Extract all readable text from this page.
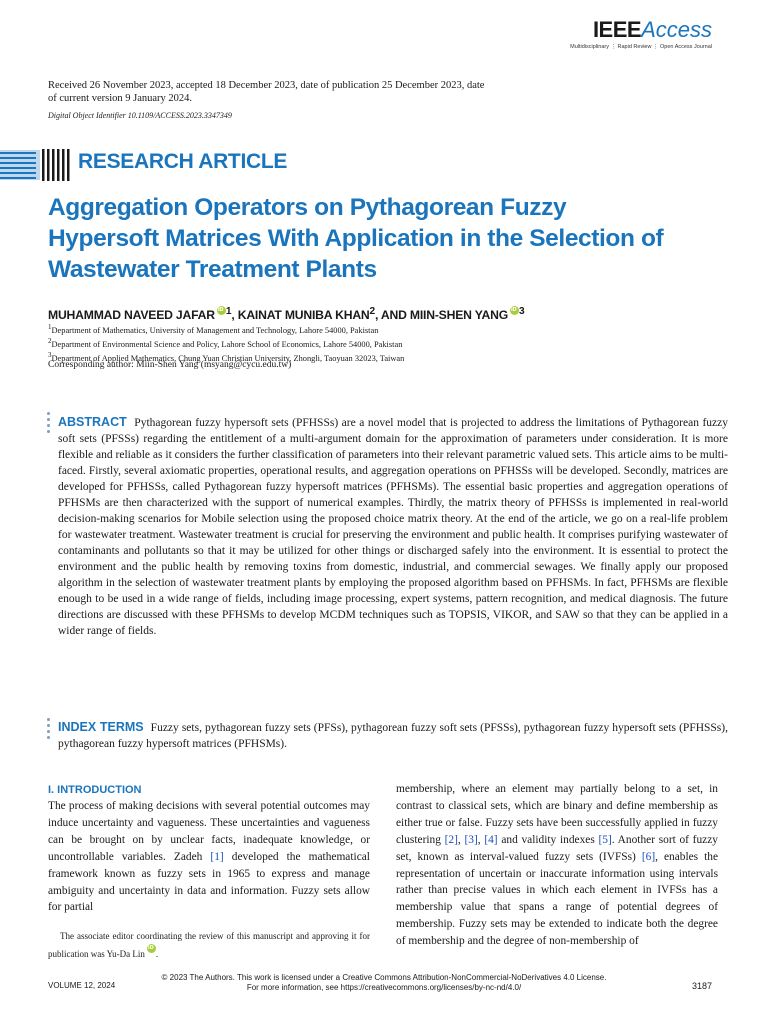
IEEEAccess
Multidisciplinary ⋮ Rapid Review ⋮ Open Access Journal
Received 26 November 2023, accepted 18 December 2023, date of publication 25 December 2023, date of current version 9 January 2024.
Digital Object Identifier 10.1109/ACCESS.2023.3347349
RESEARCH ARTICLE
Aggregation Operators on Pythagorean Fuzzy Hypersoft Matrices With Application in the Selection of Wastewater Treatment Plants
MUHAMMAD NAVEED JAFAR iD $^1$, KAINAT MUNIBA KHAN$^2$, AND MIIN-SHEN YANG iD $^3$
$^1$Department of Mathematics, University of Management and Technology, Lahore 54000, Pakistan
$^2$Department of Environmental Science and Policy, Lahore School of Economics, Lahore 54000, Pakistan
$^3$Department of Applied Mathematics, Chung Yuan Christian University, Zhongli, Taoyuan 32023, Taiwan
Corresponding author: Miin-Shen Yang (msyang@cycu.edu.tw)

ABSTRACT Pythagorean fuzzy hypersoft sets (PFHSSs) are a novel model that is projected to address the limitations of Pythagorean fuzzy soft sets (PFSSs) regarding the entitlement of a multi-argument domain for the approximation of parameters under consideration. It is more flexible and reliable as it considers the further classification of parameters into their relevant parametric valued sets. This article aims to be multi-faced. Firstly, several axiomatic properties, operational results, and aggregation operations on PFHSSs will be developed. Secondly, matrices are developed for PFHSSs, called Pythagorean fuzzy hypersoft matrices (PFHSMs). The essential basic properties and aggregation operations of PFHSMs are then characterized with the support of numerical examples. Thirdly, the matrix theory of PFHSSs is implemented in real-world decision-making scenarios for Mobile selection using the proposed choice matrix theory. At the end of the article, we go on a real-life problem for wastewater treatment. Wastewater treatment is crucial for preserving the environment and public health. It comprises purifying wastewater of contaminants and pollutants so that it may be utilized for other things or discharged safely into the environment. It is essential to protect the environment and the public health by removing toxins from domestic, industrial, and commercial sewages. We finally apply our proposed algorithm in the selection of wastewater treatment plants by employing the proposed algorithm based on PFHSMs. In fact, PFHSMs are flexible enough to be used in a wide range of fields, including image processing, expert systems, pattern recognition, and medical diagnosis. The future directions are discussed with these PFHSMs to develop MCDM techniques such as TOPSIS, VIKOR, and SAW so that they can be applied in a wider range of fields.

INDEX TERMS Fuzzy sets, pythagorean fuzzy sets (PFSs), pythagorean fuzzy soft sets (PFSSs), pythagorean fuzzy hypersoft sets (PFHSSs), pythagorean fuzzy hypersoft matrices (PFHSMs).

I. INTRODUCTION

The process of making decisions with several potential outcomes may induce uncertainty and vagueness. These uncertainties and vagueness can be brought on by unclear facts, inadequate knowledge, or uncontrollable variables. Zadeh [1] developed the mathematical framework known as fuzzy sets in 1965 to express and manage ambiguity and uncertainty in data and information. Fuzzy sets allow for partial

membership, where an element may partially belong to a set, in contrast to classical sets, which are binary and define membership as either true or false. Fuzzy sets have been successfully applied in fuzzy clustering [2], [3], [4] and validity indexes [5]. Another sort of fuzzy set, known as interval-valued fuzzy sets (IVFSs) [6], enables the representation of uncertain or inaccurate information using intervals rather than precise values in which each element in IVFSs has a membership value that spans a range of potential degrees of membership. Fuzzy sets may be extended to indicate both the degree of membership and the degree of non-membership of

The associate editor coordinating the review of this manuscript and approving it for publication was Yu-Da LiniD .

© 2023 The Authors. This work is licensed under a Creative Commons Attribution-NonCommercial-NoDerivatives 4.0 License.
For more information, see https://creativecommons.org/licenses/by-nc-nd/4.0/
VOLUME 12, 2024	3187
